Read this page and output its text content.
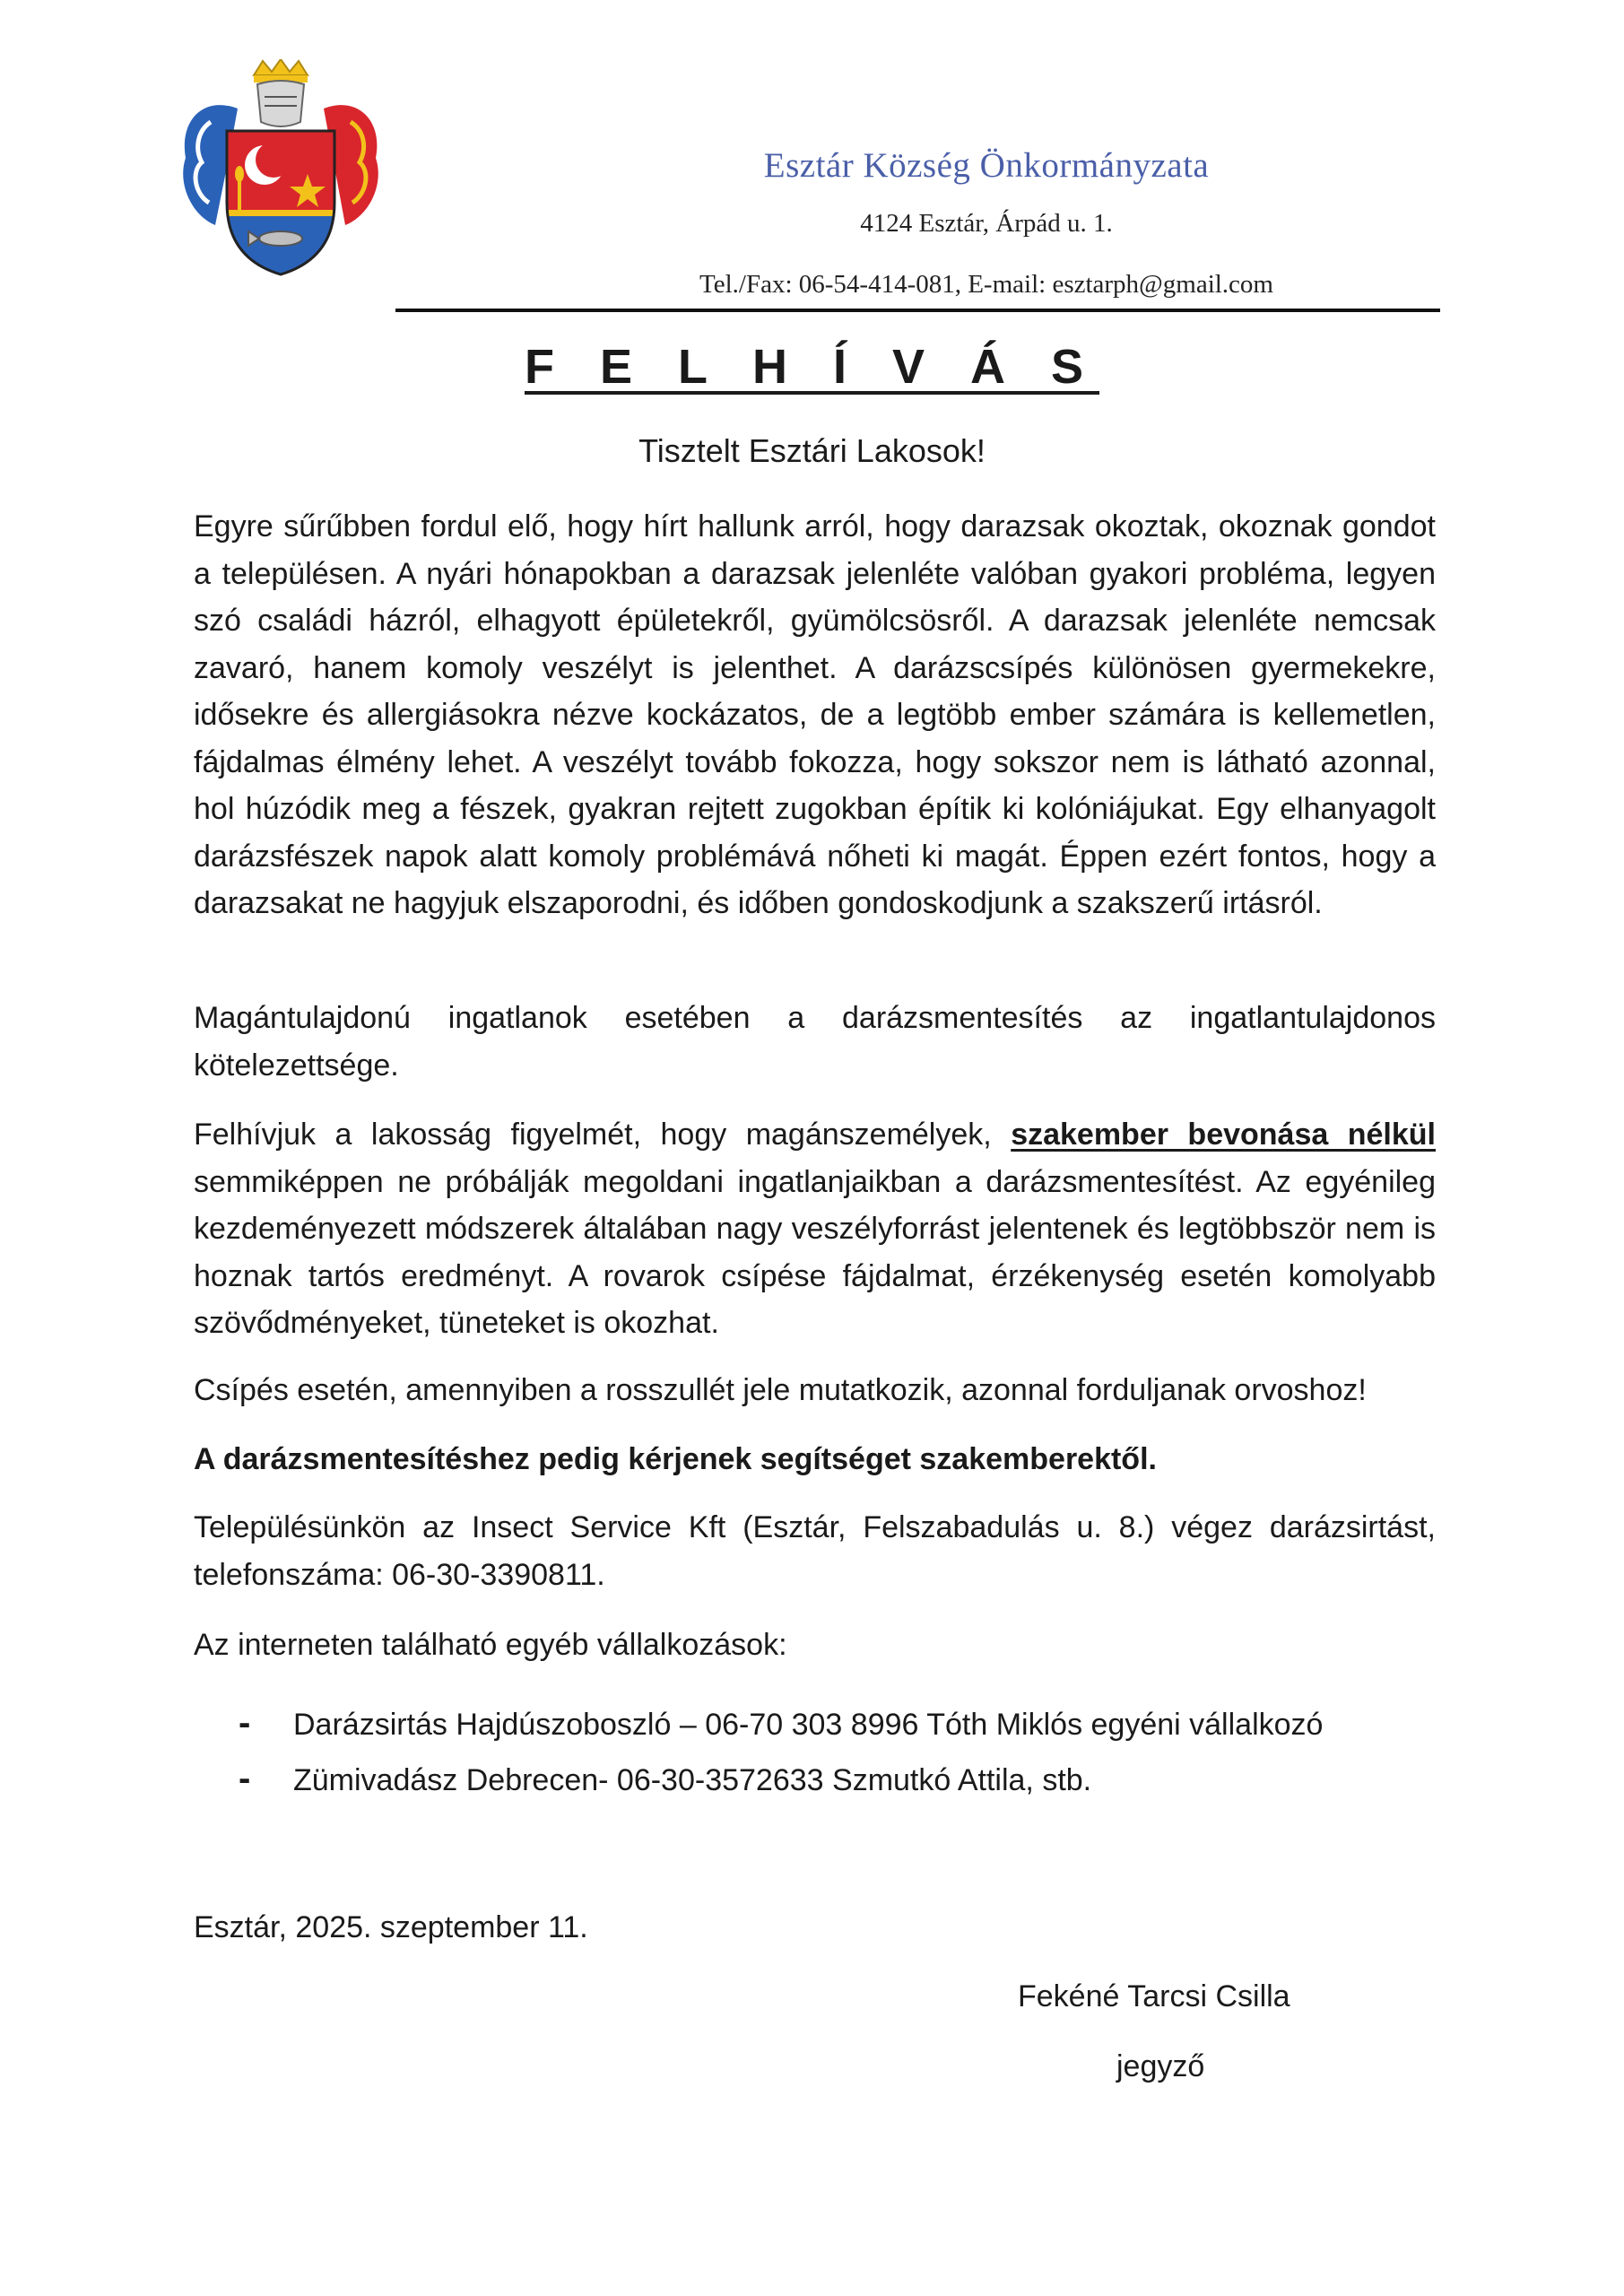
Esztár Község Önkormányzata
4124 Esztár, Árpád u. 1.
Tel./Fax: 06-54-414-081, E-mail: esztarph@gmail.com
F E L H Í V Á S
Tisztelt Esztári Lakosok!

Egyre sűrűbben fordul elő, hogy hírt hallunk arról, hogy darazsak okoztak, okoznak gondot a településen. A nyári hónapokban a darazsak jelenléte valóban gyakori probléma, legyen szó családi házról, elhagyott épületekről, gyümölcsösről. A darazsak jelenléte nemcsak zavaró, hanem komoly veszélyt is jelenthet. A darázscsípés különösen gyermekekre, idősekre és allergiásokra nézve kockázatos, de a legtöbb ember számára is kellemetlen, fájdalmas élmény lehet. A veszélyt tovább fokozza, hogy sokszor nem is látható azonnal, hol húzódik meg a fészek, gyakran rejtett zugokban építik ki kolóniájukat. Egy elhanyagolt darázsfészek napok alatt komoly problémává nőheti ki magát. Éppen ezért fontos, hogy a darazsakat ne hagyjuk elszaporodni, és időben gondoskodjunk a szakszerű irtásról.

Magántulajdonú ingatlanok esetében a darázsmentesítés az ingatlantulajdonos kötelezettsége.

Felhívjuk a lakosság figyelmét, hogy magánszemélyek, szakember bevonása nélkül semmiképpen ne próbálják megoldani ingatlanjaikban a darázsmentesítést. Az egyénileg kezdeményezett módszerek általában nagy veszélyforrást jelentenek és legtöbbször nem is hoznak tartós eredményt. A rovarok csípése fájdalmat, érzékenység esetén komolyabb szövődményeket, tüneteket is okozhat.

Csípés esetén, amennyiben a rosszullét jele mutatkozik, azonnal forduljanak orvoshoz!

A darázsmentesítéshez pedig kérjenek segítséget szakemberektől.

Településünkön az Insect Service Kft (Esztár, Felszabadulás u. 8.) végez darázsirtást, telefonszáma: 06-30-3390811.

Az interneten található egyéb vállalkozások:

- Darázsirtás Hajdúszoboszló – 06-70 303 8996 Tóth Miklós egyéni vállalkozó
- Zümivadász Debrecen- 06-30-3572633 Szmutkó Attila, stb.
Esztár, 2025. szeptember 11.
Fekéné Tarcsi Csilla
jegyző
